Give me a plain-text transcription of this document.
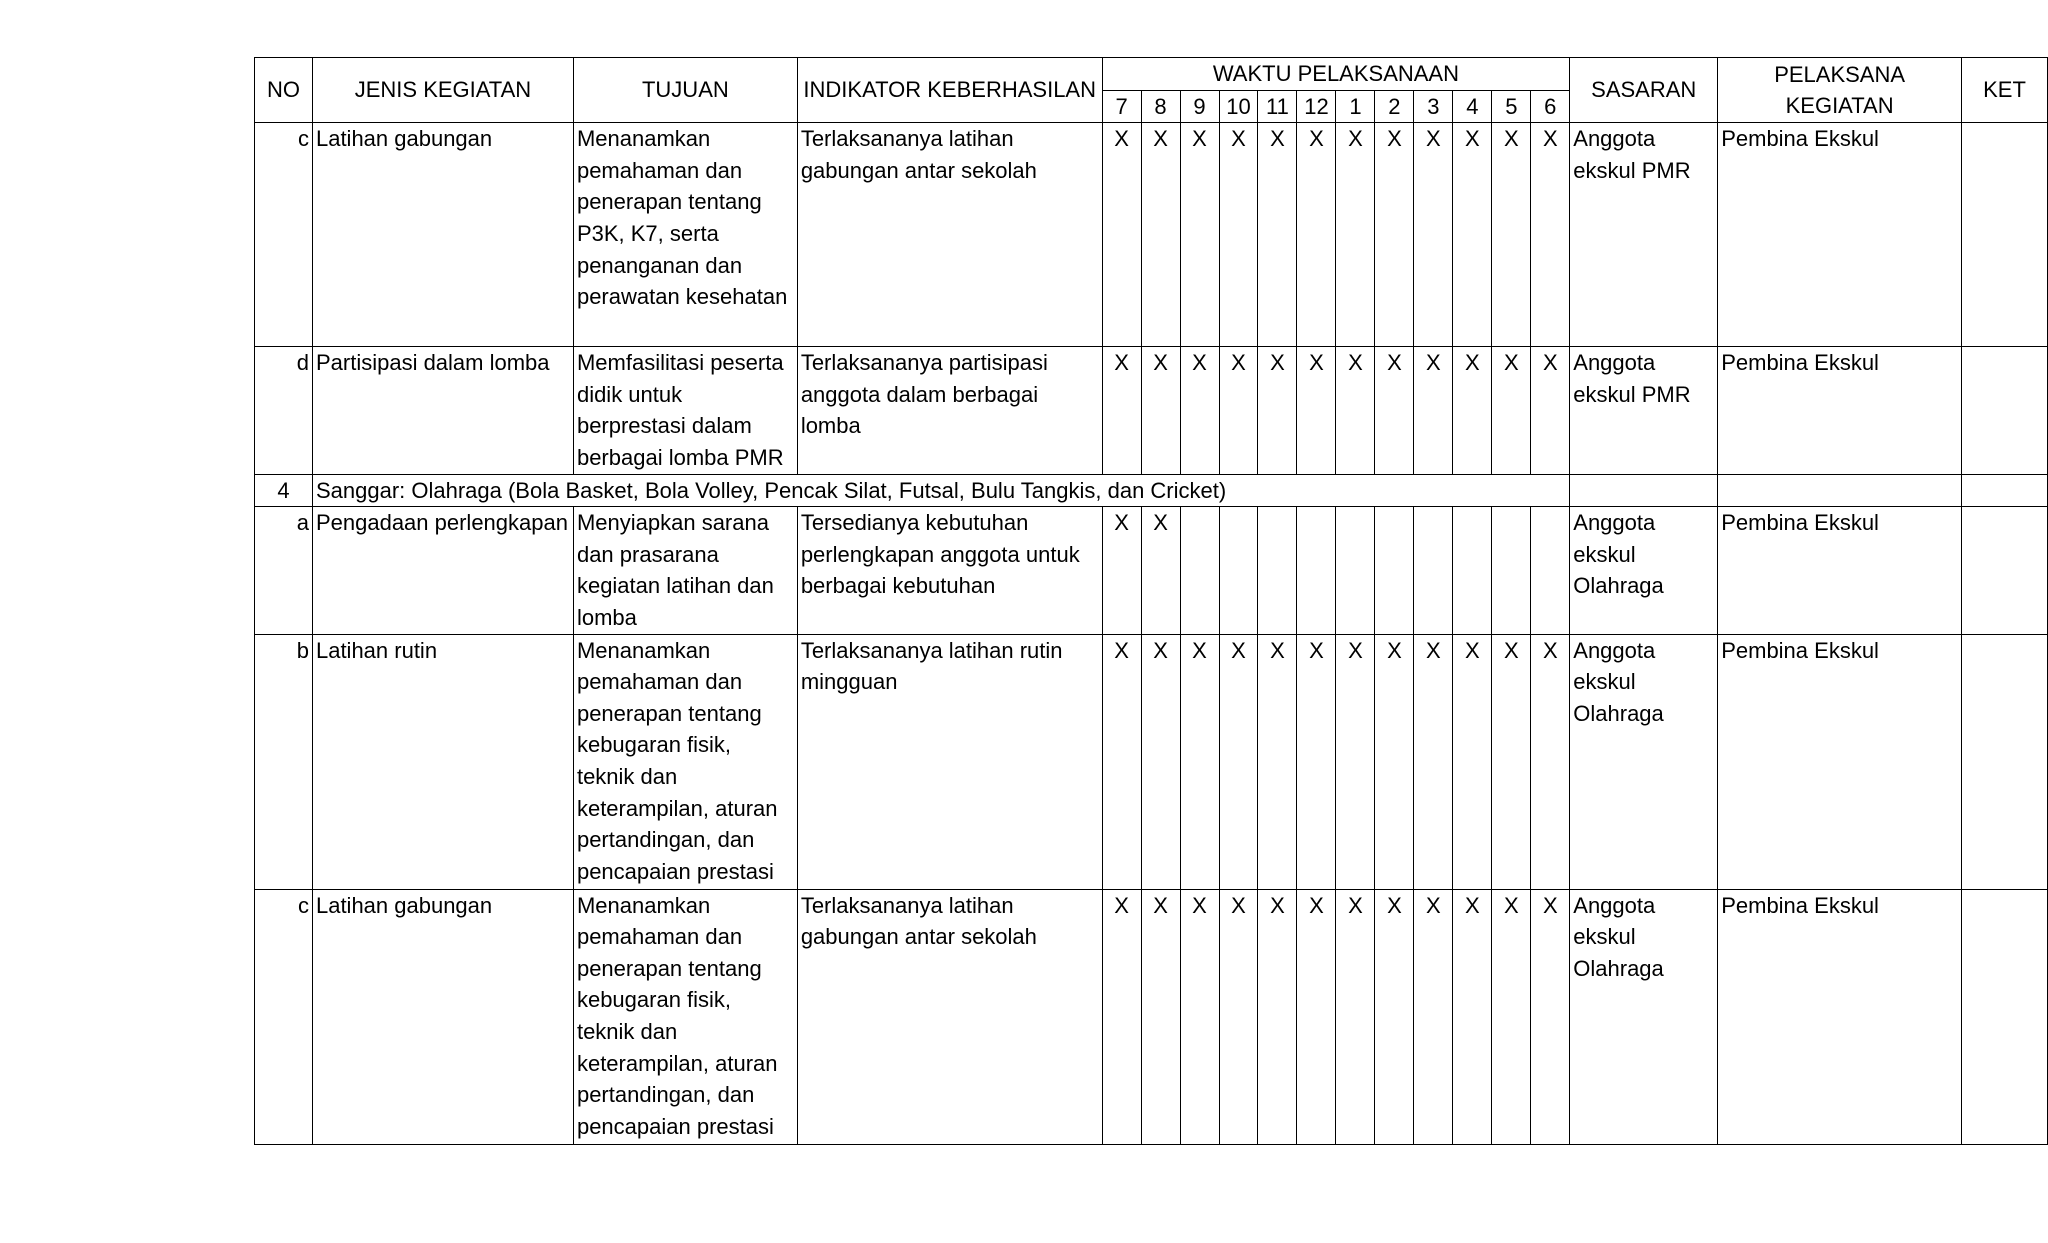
NO	JENIS KEGIATAN	TUJUAN	INDIKATOR KEBERHASILAN	WAKTU PELAKSANAAN												SASARAN	PELAKSANA KEGIATAN	KET
				7	8	9	10	11	12	1	2	3	4	5	6			
c	Latihan gabungan	Menanamkan pemahaman dan penerapan tentang P3K, K7, serta penanganan dan perawatan kesehatan	Terlaksananya latihan gabungan antar sekolah	X	X	X	X	X	X	X	X	X	X	X	X	Anggota ekskul PMR	Pembina Ekskul	
d	Partisipasi dalam lomba	Memfasilitasi peserta didik untuk berprestasi dalam berbagai lomba PMR	Terlaksananya partisipasi anggota dalam berbagai lomba	X	X	X	X	X	X	X	X	X	X	X	X	Anggota ekskul PMR	Pembina Ekskul	
4	Sanggar: Olahraga (Bola Basket, Bola Volley, Pencak Silat, Futsal, Bulu Tangkis, dan Cricket)																	
a	Pengadaan perlengkapan	Menyiapkan sarana dan prasarana kegiatan latihan dan lomba	Tersedianya kebutuhan perlengkapan anggota untuk berbagai kebutuhan	X	X											Anggota ekskul Olahraga	Pembina Ekskul	
b	Latihan rutin	Menanamkan pemahaman dan penerapan tentang kebugaran fisik, teknik dan keterampilan, aturan pertandingan, dan pencapaian prestasi	Terlaksananya latihan rutin mingguan	X	X	X	X	X	X	X	X	X	X	X	X	Anggota ekskul Olahraga	Pembina Ekskul	
c	Latihan gabungan	Menanamkan pemahaman dan penerapan tentang kebugaran fisik, teknik dan keterampilan, aturan pertandingan, dan pencapaian prestasi	Terlaksananya latihan gabungan antar sekolah	X	X	X	X	X	X	X	X	X	X	X	X	Anggota ekskul Olahraga	Pembina Ekskul	
